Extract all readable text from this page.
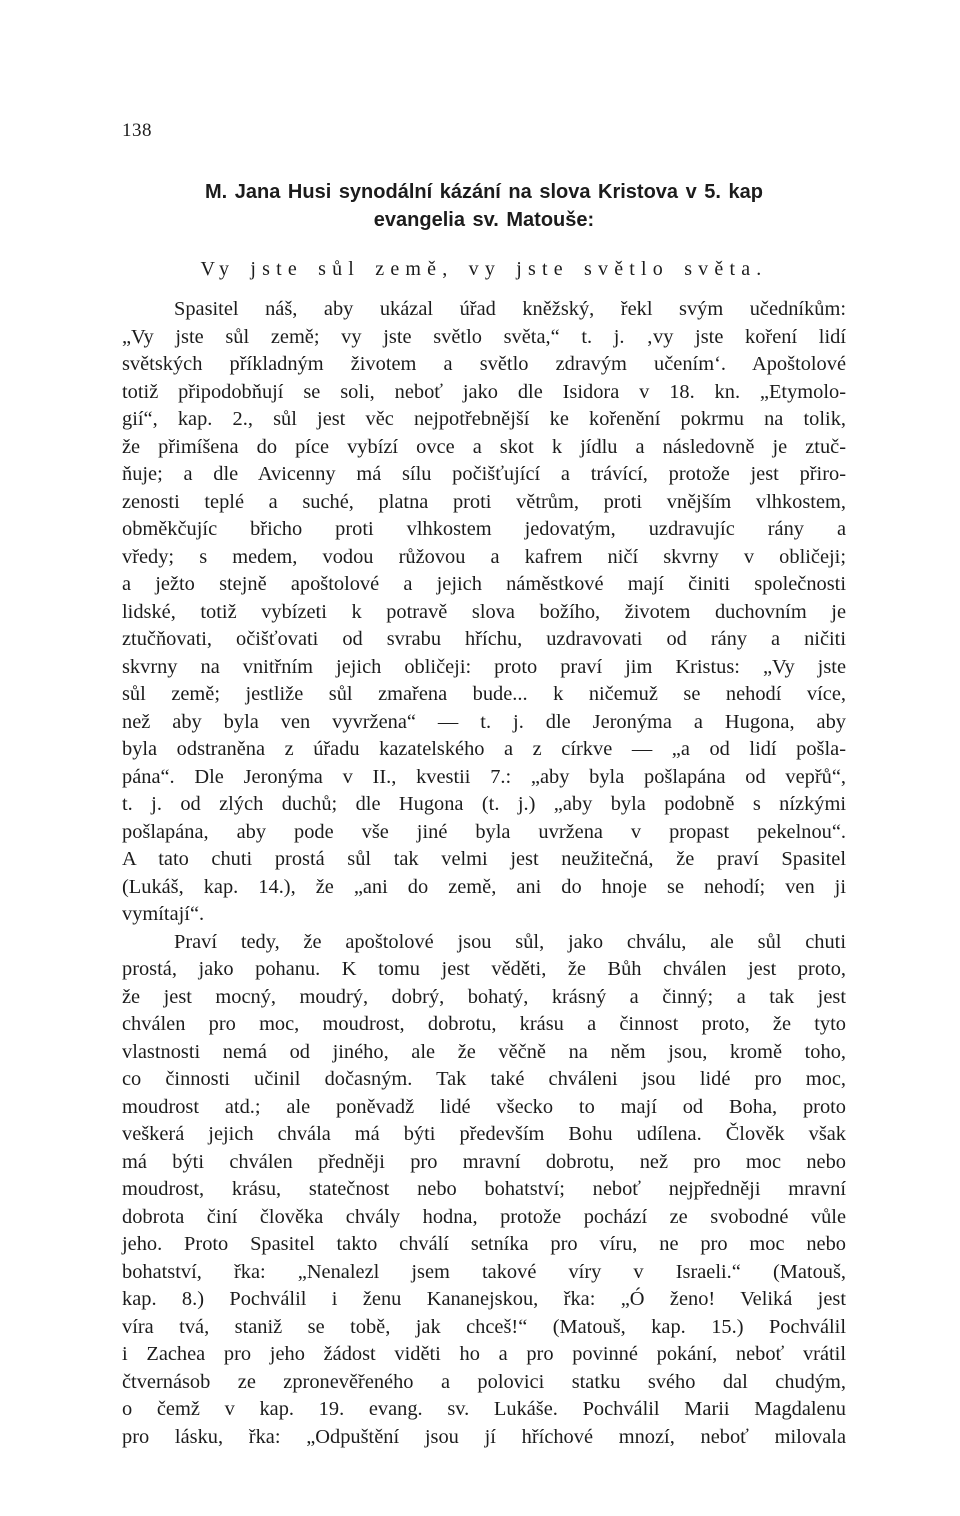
138
M. Jana Husi synodální kázání na slova Kristova v 5. kap
evangelia sv. Matouše:
Vy jste sůl země, vy jste světlo světa.
Spasitel náš, aby ukázal úřad kněžský, řekl svým učedníkům:
„Vy jste sůl země; vy jste světlo světa,“ t. j. ‚vy jste koření lidí
světských příkladným životem a světlo zdravým učením‘. Apoštolové
totiž připodobňují se soli, neboť jako dle Isidora v 18. kn. „Etymolo-
gií“, kap. 2., sůl jest věc nejpotřebnější ke kořenění pokrmu na tolik,
že přimíšena do píce vybízí ovce a skot k jídlu a následovně je ztuč-
ňuje; a dle Avicenny má sílu počišťující a trávící, protože jest přiro-
zenosti teplé a suché, platna proti větrům, proti vnějším vlhkostem,
obměkčujíc břicho proti vlhkostem jedovatým, uzdravujíc rány a
vředy; s medem, vodou růžovou a kafrem ničí skvrny v obličeji;
a ježto stejně apoštolové a jejich náměstkové mají činiti společnosti
lidské, totiž vybízeti k potravě slova božího, životem duchovním je
ztučňovati, očišťovati od svrabu hříchu, uzdravovati od rány a ničiti
skvrny na vnitřním jejich obličeji: proto praví jim Kristus: „Vy jste
sůl země; jestliže sůl zmařena bude... k ničemuž se nehodí více,
než aby byla ven vyvržena“ — t. j. dle Jeronýma a Hugona, aby
byla odstraněna z úřadu kazatelského a z církve — „a od lidí pošla-
pána“. Dle Jeronýma v II., kvestii 7.: „aby byla pošlapána od vepřů“,
t. j. od zlých duchů; dle Hugona (t. j.) „aby byla podobně s nízkými
pošlapána, aby pode vše jiné byla uvržena v propast pekelnou“.
A tato chuti prostá sůl tak velmi jest neužitečná, že praví Spasitel
(Lukáš, kap. 14.), že „ani do země, ani do hnoje se nehodí; ven ji
vymítají“.
Praví tedy, že apoštolové jsou sůl, jako chválu, ale sůl chuti
prostá, jako pohanu. K tomu jest věděti, že Bůh chválen jest proto,
že jest mocný, moudrý, dobrý, bohatý, krásný a činný; a tak jest
chválen pro moc, moudrost, dobrotu, krásu a činnost proto, že tyto
vlastnosti nemá od jiného, ale že věčně na něm jsou, kromě toho,
co činnosti učinil dočasným. Tak také chváleni jsou lidé pro moc,
moudrost atd.; ale poněvadž lidé všecko to mají od Boha, proto
veškerá jejich chvála má býti především Bohu udílena. Člověk však
má býti chválen předněji pro mravní dobrotu, než pro moc nebo
moudrost, krásu, statečnost nebo bohatství; neboť nejpředněji mravní
dobrota činí člověka chvály hodna, protože pochází ze svobodné vůle
jeho. Proto Spasitel takto chválí setníka pro víru, ne pro moc nebo
bohatství, řka: „Nenalezl jsem takové víry v Israeli.“ (Matouš,
kap. 8.) Pochválil i ženu Kananejskou, řka: „Ó ženo! Veliká jest
víra tvá, staniž se tobě, jak chceš!“ (Matouš, kap. 15.) Pochválil
i Zachea pro jeho žádost viděti ho a pro povinné pokání, neboť vrátil
čtvernásob ze zpronevěřeného a polovici statku svého dal chudým,
o čemž v kap. 19. evang. sv. Lukáše. Pochválil Marii Magdalenu
pro lásku, řka: „Odpuštění jsou jí hříchové mnozí, neboť milovala
